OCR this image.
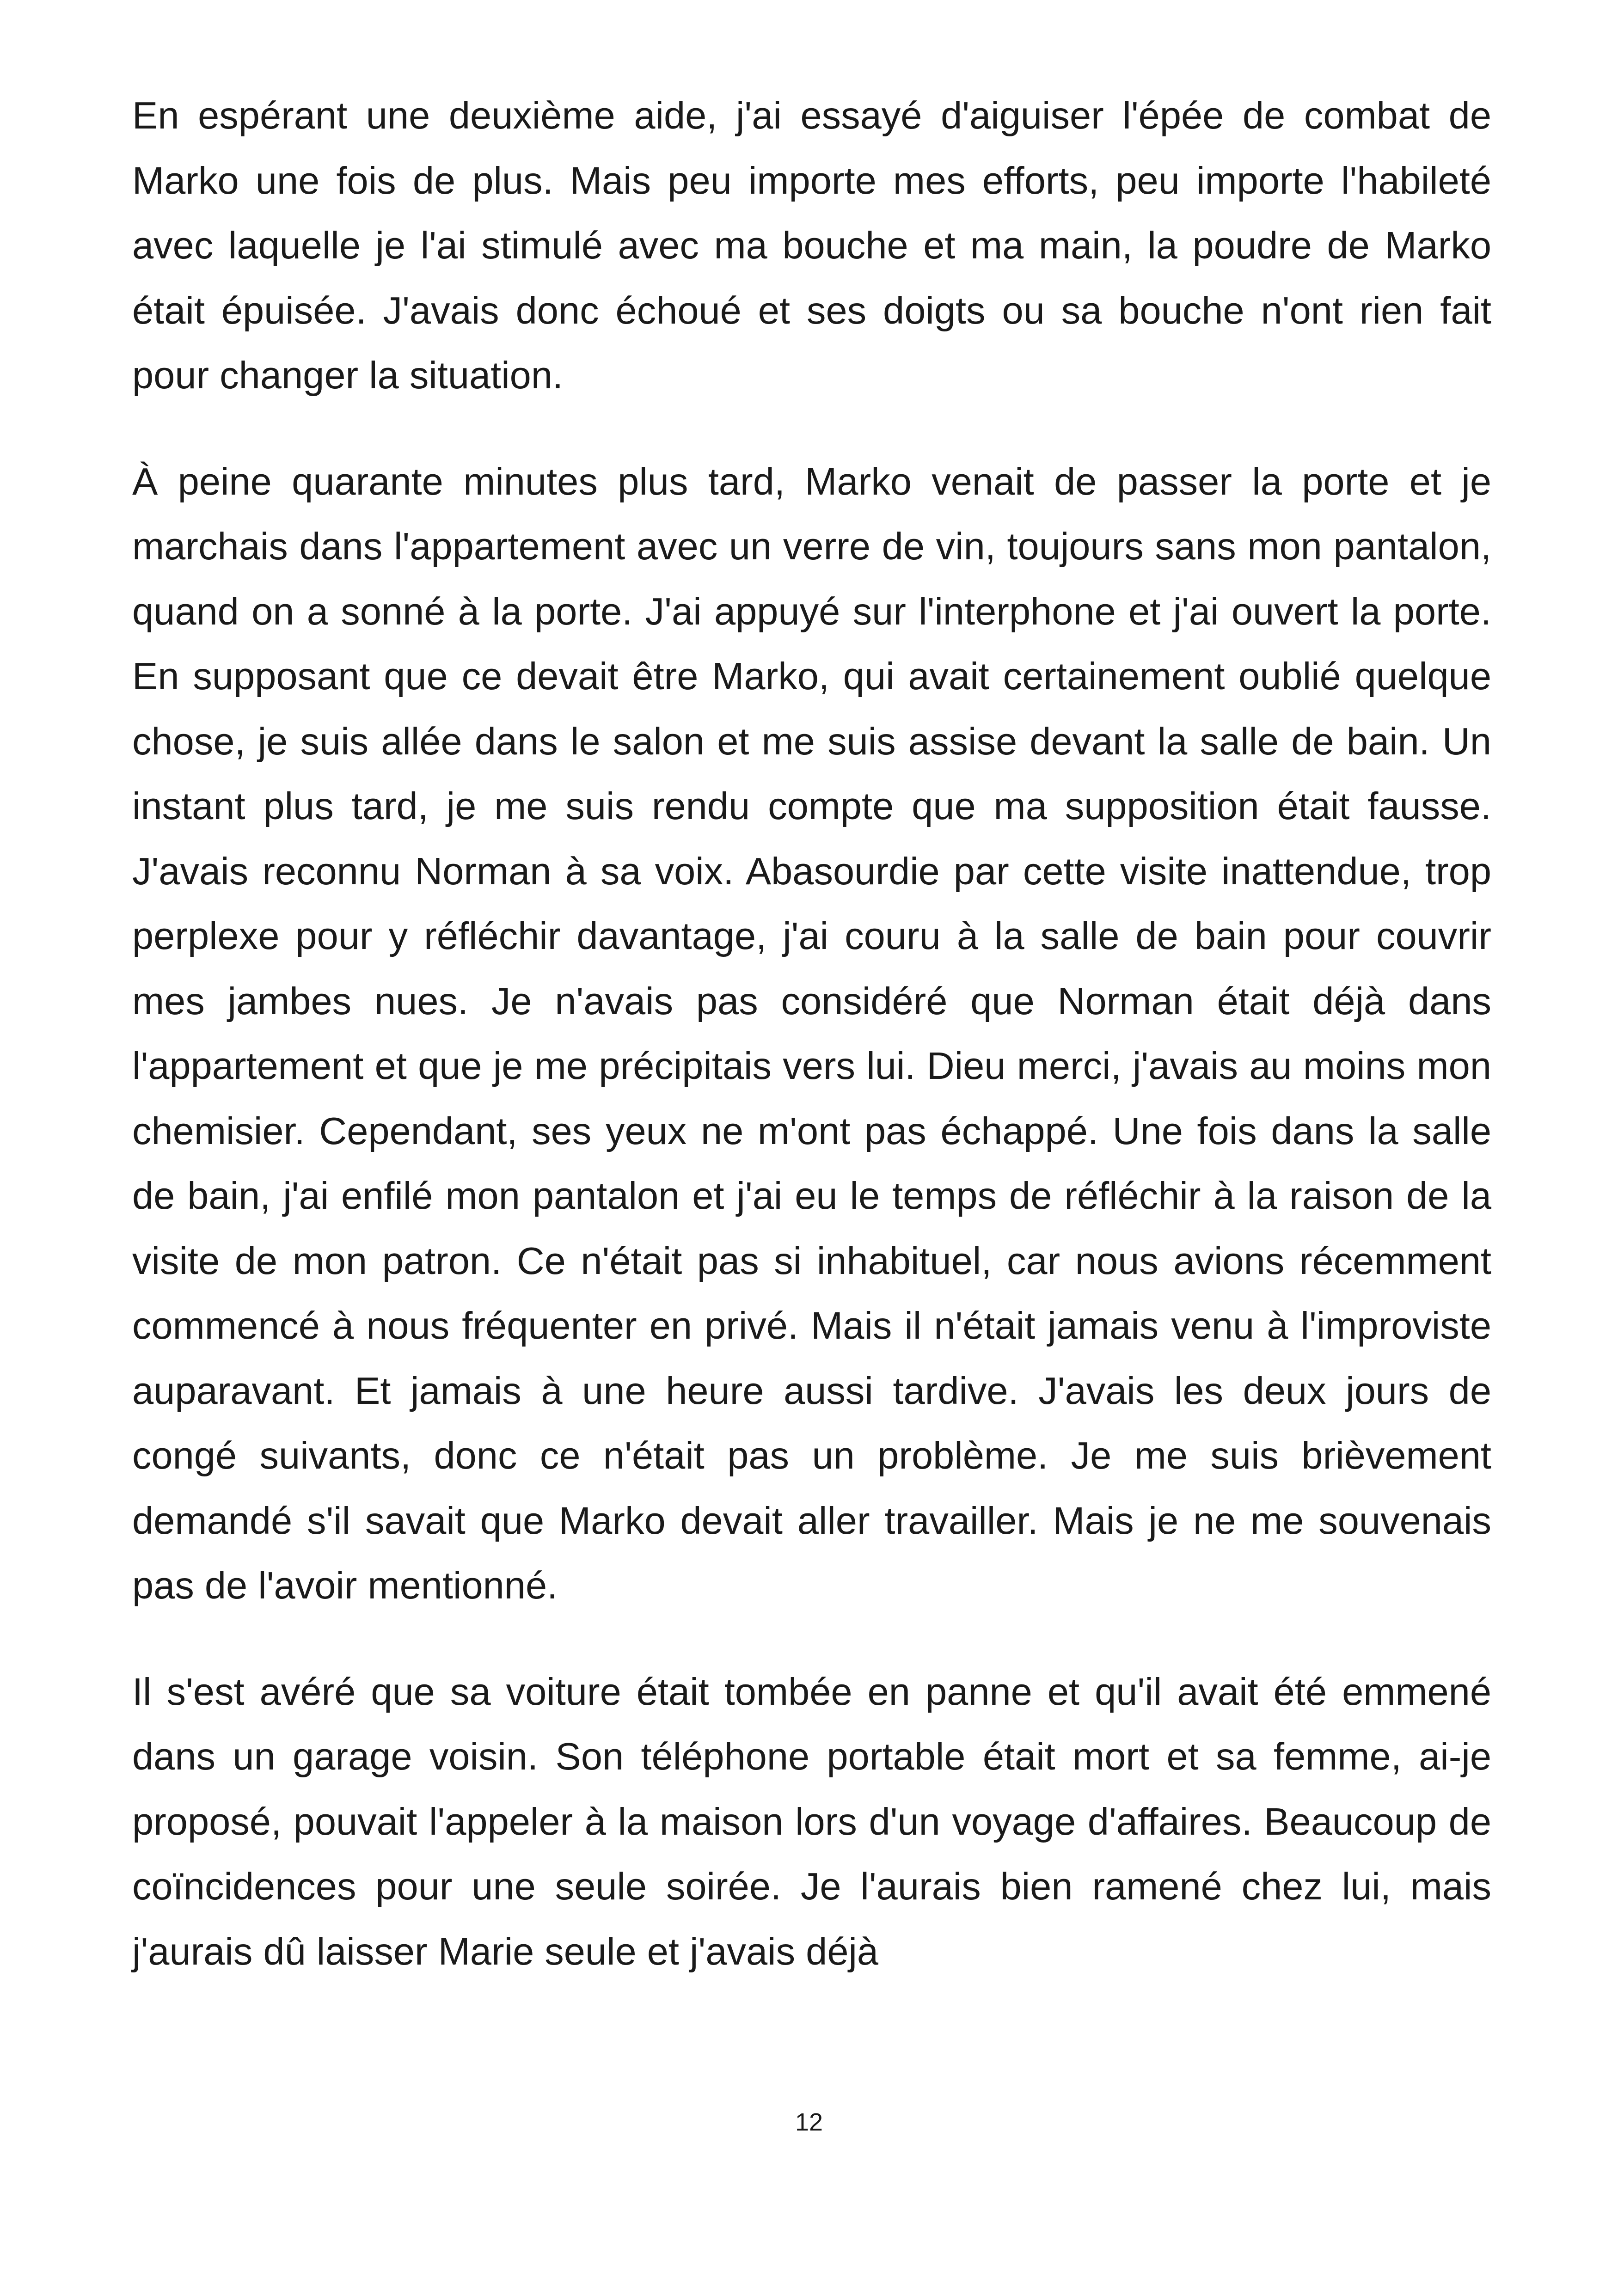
En espérant une deuxième aide, j'ai essayé d'aiguiser l'épée de combat de Marko une fois de plus. Mais peu importe mes efforts, peu importe l'habileté avec laquelle je l'ai stimulé avec ma bouche et ma main, la poudre de Marko était épuisée. J'avais donc échoué et ses doigts ou sa bouche n'ont rien fait pour changer la situation.

À peine quarante minutes plus tard, Marko venait de passer la porte et je marchais dans l'appartement avec un verre de vin, toujours sans mon pantalon, quand on a sonné à la porte. J'ai appuyé sur l'interphone et j'ai ouvert la porte. En supposant que ce devait être Marko, qui avait certainement oublié quelque chose, je suis allée dans le salon et me suis assise devant la salle de bain. Un instant plus tard, je me suis rendu compte que ma supposition était fausse. J'avais reconnu Norman à sa voix. Abasourdie par cette visite inattendue, trop perplexe pour y réfléchir davantage, j'ai couru à la salle de bain pour couvrir mes jambes nues. Je n'avais pas considéré que Norman était déjà dans l'appartement et que je me précipitais vers lui. Dieu merci, j'avais au moins mon chemisier. Cependant, ses yeux ne m'ont pas échappé. Une fois dans la salle de bain, j'ai enfilé mon pantalon et j'ai eu le temps de réfléchir à la raison de la visite de mon patron. Ce n'était pas si inhabituel, car nous avions récemment commencé à nous fréquenter en privé. Mais il n'était jamais venu à l'improviste auparavant. Et jamais à une heure aussi tardive. J'avais les deux jours de congé suivants, donc ce n'était pas un problème. Je me suis brièvement demandé s'il savait que Marko devait aller travailler. Mais je ne me souvenais pas de l'avoir mentionné.

Il s'est avéré que sa voiture était tombée en panne et qu'il avait été emmené dans un garage voisin. Son téléphone portable était mort et sa femme, ai-je proposé, pouvait l'appeler à la maison lors d'un voyage d'affaires. Beaucoup de coïncidences pour une seule soirée. Je l'aurais bien ramené chez lui, mais j'aurais dû laisser Marie seule et j'avais déjà

12
